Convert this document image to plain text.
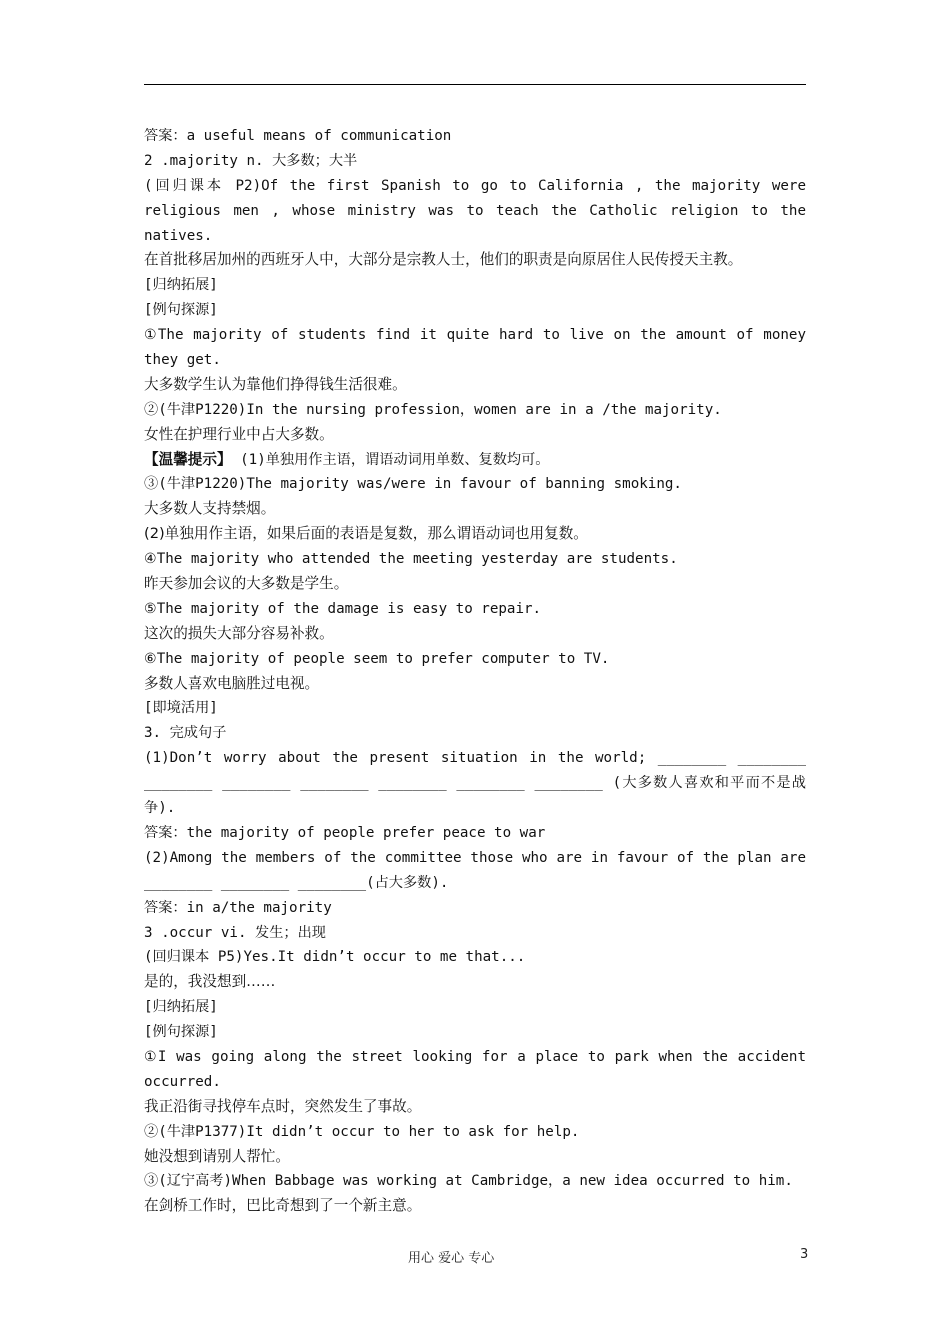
答案：a useful means of communication
2 .majority n. 大多数；大半
(回归课本 P2)Of the first Spanish to go to California , the majority were
religious men , whose ministry was to teach the Catholic religion to the
natives.
在首批移居加州的西班牙人中，大部分是宗教人士，他们的职责是向原居住人民传授天主教。
[归纳拓展]
[例句探源]
①The majority of students find it quite hard to live on the amount of money
they get.
大多数学生认为靠他们挣得钱生活很难。
②(牛津P1220)In the nursing profession，women are in a /the majority.
女性在护理行业中占大多数。
【温馨提示】 (1)单独用作主语，谓语动词用单数、复数均可。
③(牛津P1220)The majority was/were in favour of banning smoking.
大多数人支持禁烟。
(2)单独用作主语，如果后面的表语是复数，那么谓语动词也用复数。
④The majority who attended the meeting yesterday are students.
昨天参加会议的大多数是学生。
⑤The majority of the damage is easy to repair.
这次的损失大部分容易补救。
⑥The majority of people seem to prefer computer to TV.
多数人喜欢电脑胜过电视。
[即境活用]
3. 完成句子
(1)Don’t worry about the present situation in the world; ________ ________
________ ________ ________ ________ ________ ________ (大多数人喜欢和平而不是战
争).
答案：the majority of people prefer peace to war
(2)Among the members of the committee those who are in favour of the plan are
________ ________ ________(占大多数).
答案：in a/the majority
3 .occur vi. 发生；出现
(回归课本 P5)Yes.It didn’t occur to me that...
是的，我没想到……
[归纳拓展]
[例句探源]
①I was going along the street looking for a place to park when the accident
occurred.
我正沿街寻找停车点时，突然发生了事故。
②(牛津P1377)It didn’t occur to her to ask for help.
她没想到请别人帮忙。
③(辽宁高考)When Babbage was working at Cambridge，a new idea occurred to him.
在剑桥工作时，巴比奇想到了一个新主意。
用心 爱心 专心	3
